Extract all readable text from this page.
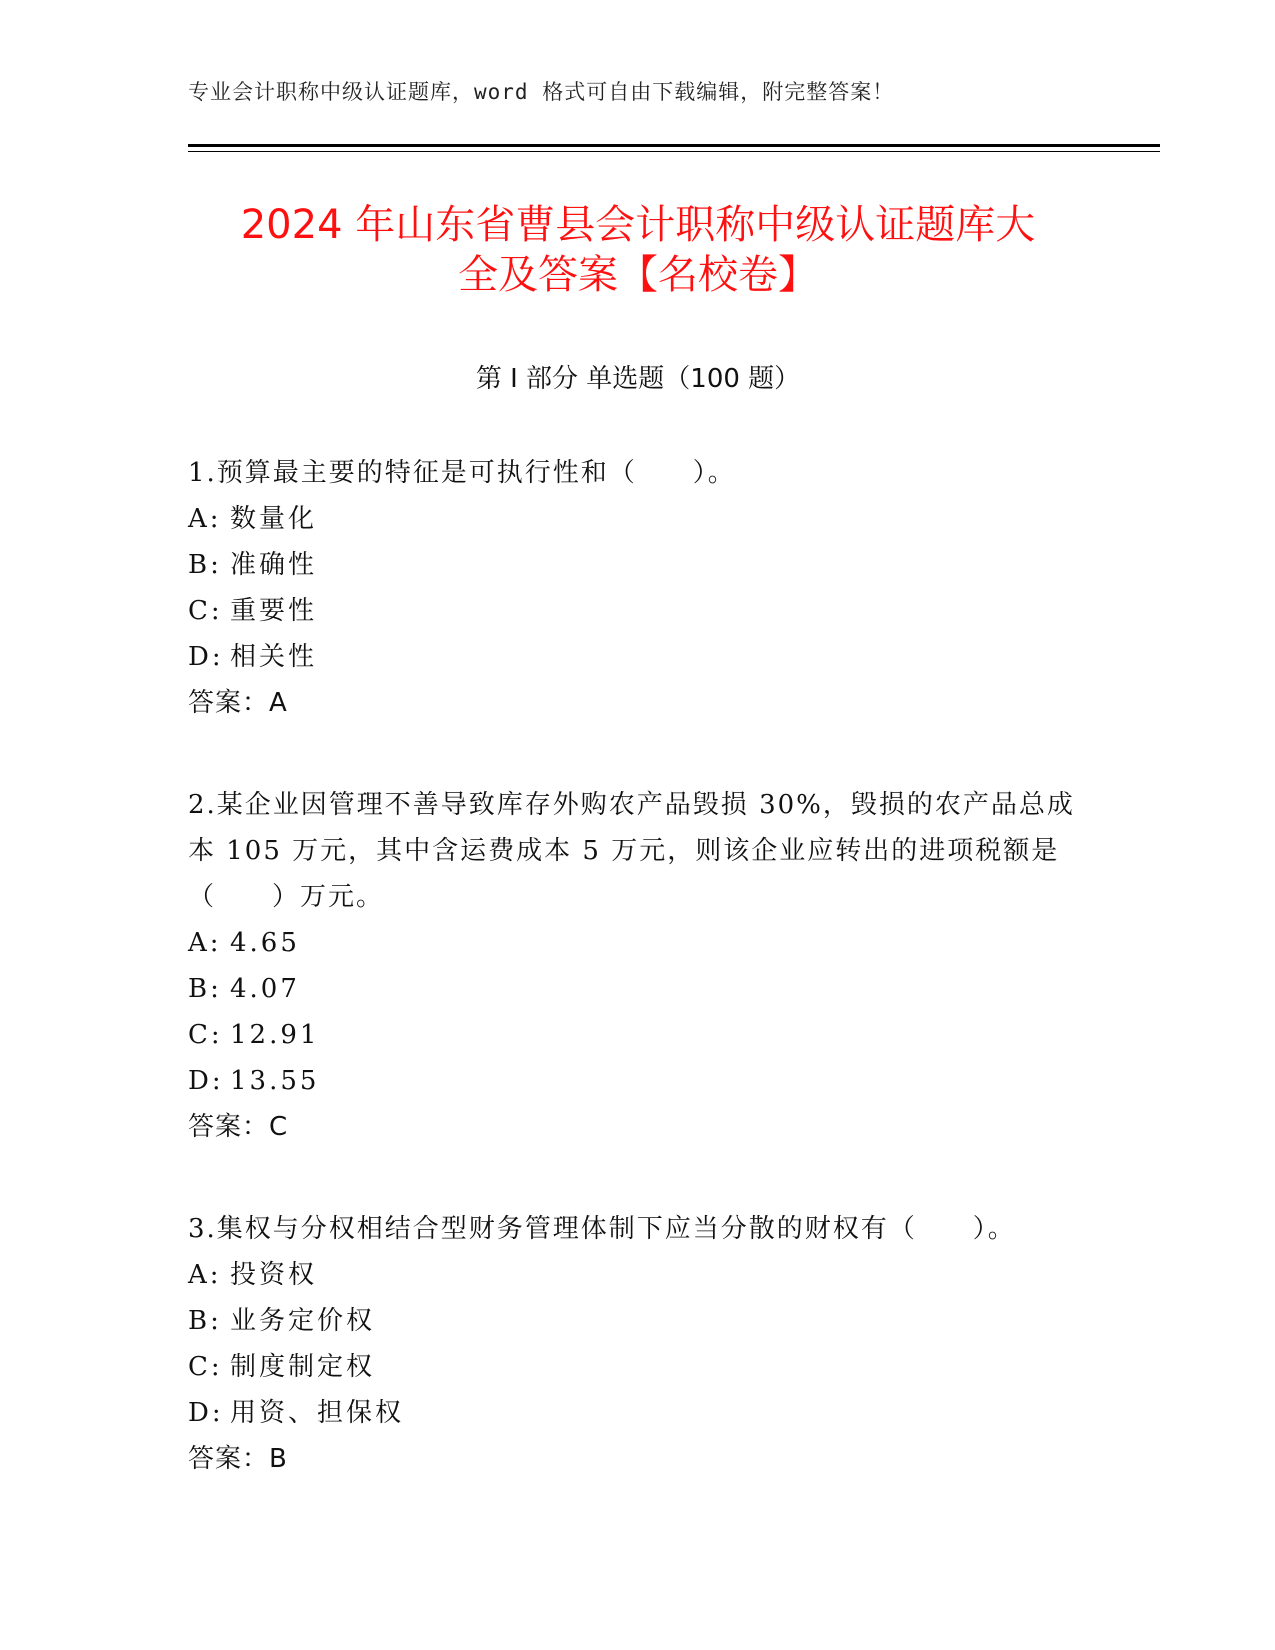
专业会计职称中级认证题库，word 格式可自由下载编辑，附完整答案！
2024 年山东省曹县会计职称中级认证题库大
全及答案【名校卷】
第 I 部分 单选题（100 题）
1.预算最主要的特征是可执行性和（　　）。
A: 数量化
B: 准确性
C: 重要性
D: 相关性
答案：A
2.某企业因管理不善导致库存外购农产品毁损 30%，毁损的农产品总成本 105 万元，其中含运费成本 5 万元，则该企业应转出的进项税额是（　　）万元。
A: 4.65
B: 4.07
C: 12.91
D: 13.55
答案：C
3.集权与分权相结合型财务管理体制下应当分散的财权有（　　）。
A: 投资权
B: 业务定价权
C: 制度制定权
D: 用资、担保权
答案：B
